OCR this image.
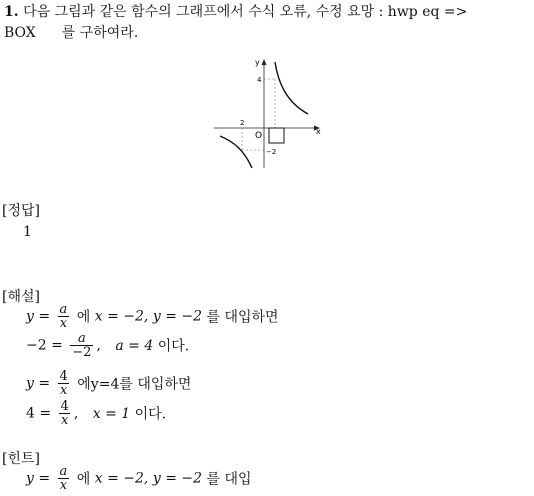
1. 다음 그림과 같은 함수의 그래프에서 수식 오류, 수정 요망 : hwp eq =>
BOX 를 구하여라.
y
x
O
4
2
−2
[정답]
1
[해설]
$y = \frac{a}{x}$ 에 x = −2, y = −2 를 대입하면
$-2 = \frac{a}{-2}$ , a = 4 이다.
$y = \frac{4}{x}$ 에y=4를 대입하면
$4 = \frac{4}{x}$ , x = 1 이다.
[힌트]
$y = \frac{a}{x}$ 에 x = −2, y = −2 를 대입
